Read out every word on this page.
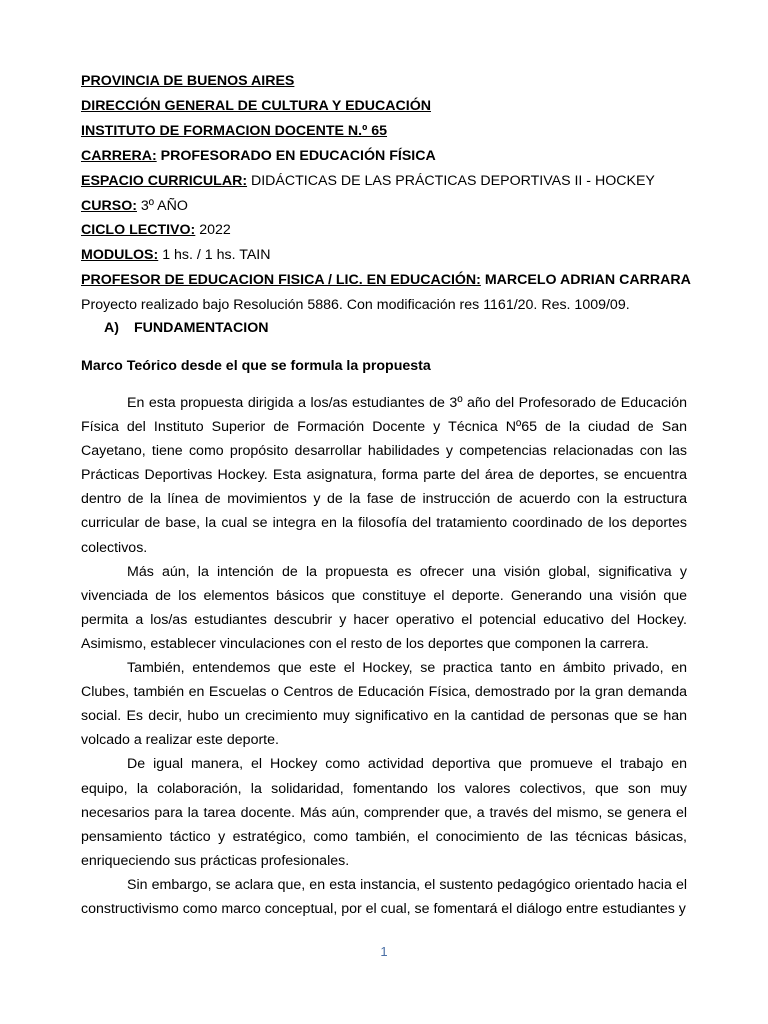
PROVINCIA DE BUENOS AIRES
DIRECCIÓN GENERAL DE CULTURA Y EDUCACIÓN
INSTITUTO DE FORMACION DOCENTE N.º 65
CARRERA: PROFESORADO EN EDUCACIÓN FÍSICA
ESPACIO CURRICULAR: DIDÁCTICAS DE LAS PRÁCTICAS DEPORTIVAS II - HOCKEY
CURSO: 3º AÑO
CICLO LECTIVO: 2022
MODULOS: 1 hs. / 1 hs. TAIN
PROFESOR DE EDUCACION FISICA / LIC. EN EDUCACIÓN: MARCELO ADRIAN CARRARA
Proyecto realizado bajo Resolución 5886. Con modificación res 1161/20. Res. 1009/09.
A) FUNDAMENTACION
Marco Teórico desde el que se formula la propuesta

En esta propuesta dirigida a los/as estudiantes de 3º año del Profesorado de Educación Física del Instituto Superior de Formación Docente y Técnica Nº65 de la ciudad de San Cayetano, tiene como propósito desarrollar habilidades y competencias relacionadas con las Prácticas Deportivas Hockey. Esta asignatura, forma parte del área de deportes, se encuentra dentro de la línea de movimientos y de la fase de instrucción de acuerdo con la estructura curricular de base, la cual se integra en la filosofía del tratamiento coordinado de los deportes colectivos.

Más aún, la intención de la propuesta es ofrecer una visión global, significativa y vivenciada de los elementos básicos que constituye el deporte. Generando una visión que permita a los/as estudiantes descubrir y hacer operativo el potencial educativo del Hockey. Asimismo, establecer vinculaciones con el resto de los deportes que componen la carrera.

También, entendemos que este el Hockey, se practica tanto en ámbito privado, en Clubes, también en Escuelas o Centros de Educación Física, demostrado por la gran demanda social. Es decir, hubo un crecimiento muy significativo en la cantidad de personas que se han volcado a realizar este deporte.

De igual manera, el Hockey como actividad deportiva que promueve el trabajo en equipo, la colaboración, la solidaridad, fomentando los valores colectivos, que son muy necesarios para la tarea docente. Más aún, comprender que, a través del mismo, se genera el pensamiento táctico y estratégico, como también, el conocimiento de las técnicas básicas, enriqueciendo sus prácticas profesionales.

Sin embargo, se aclara que, en esta instancia, el sustento pedagógico orientado hacia el constructivismo como marco conceptual, por el cual, se fomentará el diálogo entre estudiantes y

1
